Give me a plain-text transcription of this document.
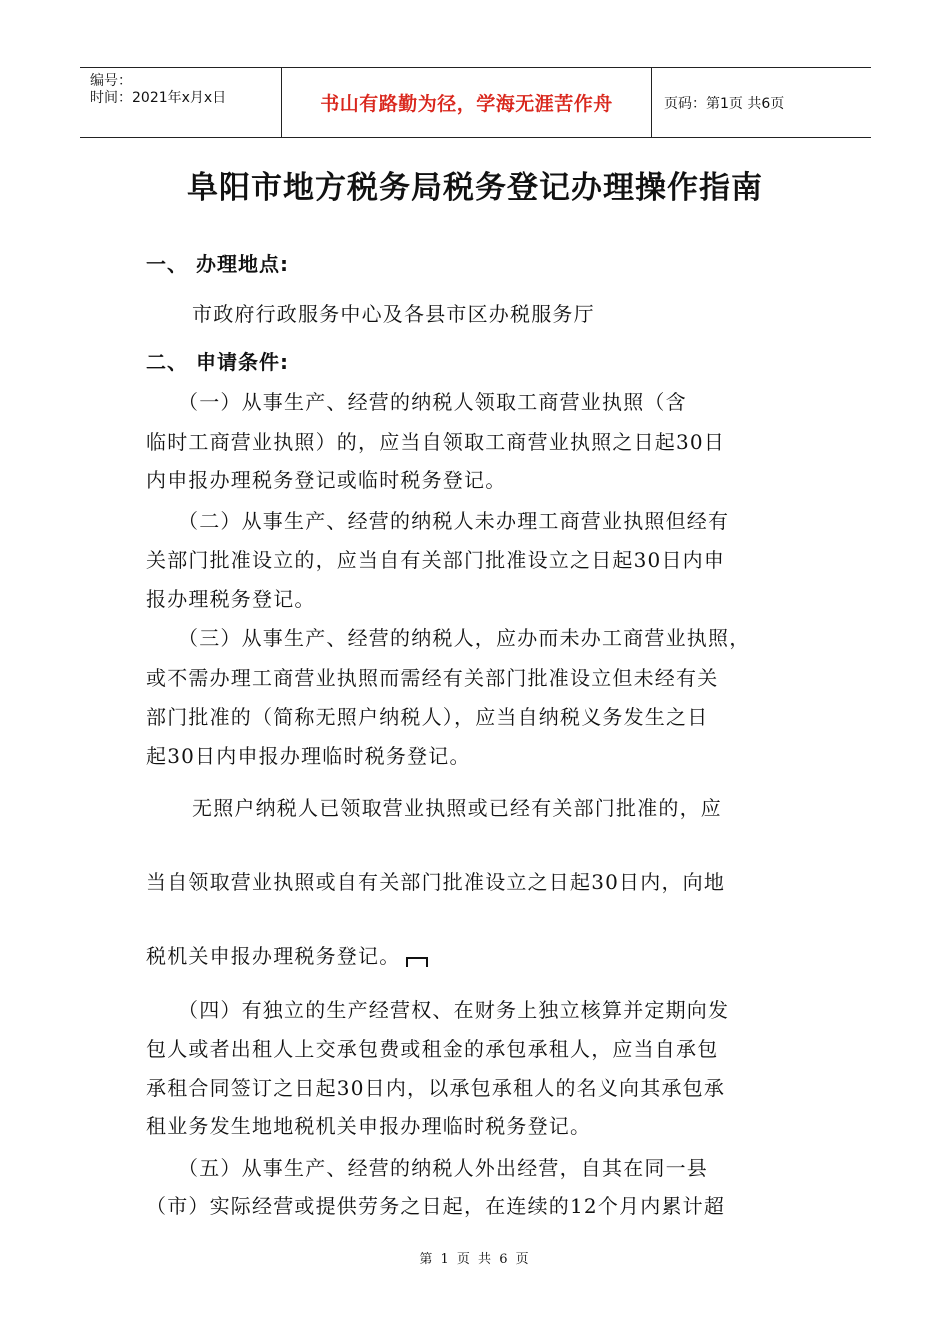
编号：
时间：2021年x月x日	书山有路勤为径，学海无涯苦作舟	页码：第1页 共6页
阜阳市地方税务局税务登记办理操作指南
一、 办理地点:
市政府行政服务中心及各县市区办税服务厅
二、 申请条件:
（一）从事生产、经营的纳税人领取工商营业执照（含
临时工商营业执照）的，应当自领取工商营业执照之日起30日
内申报办理税务登记或临时税务登记。
（二）从事生产、经营的纳税人未办理工商营业执照但经有
关部门批准设立的，应当自有关部门批准设立之日起30日内申
报办理税务登记。
（三）从事生产、经营的纳税人，应办而未办工商营业执照，
或不需办理工商营业执照而需经有关部门批准设立但未经有关
部门批准的（简称无照户纳税人），应当自纳税义务发生之日
起30日内申报办理临时税务登记。
无照户纳税人已领取营业执照或已经有关部门批准的，应
当自领取营业执照或自有关部门批准设立之日起30日内，向地
税机关申报办理税务登记。
（四）有独立的生产经营权、在财务上独立核算并定期向发
包人或者出租人上交承包费或租金的承包承租人，应当自承包
承租合同签订之日起30日内，以承包承租人的名义向其承包承
租业务发生地地税机关申报办理临时税务登记。
（五）从事生产、经营的纳税人外出经营，自其在同一县
（市）实际经营或提供劳务之日起，在连续的12个月内累计超
第 1 页 共 6 页
